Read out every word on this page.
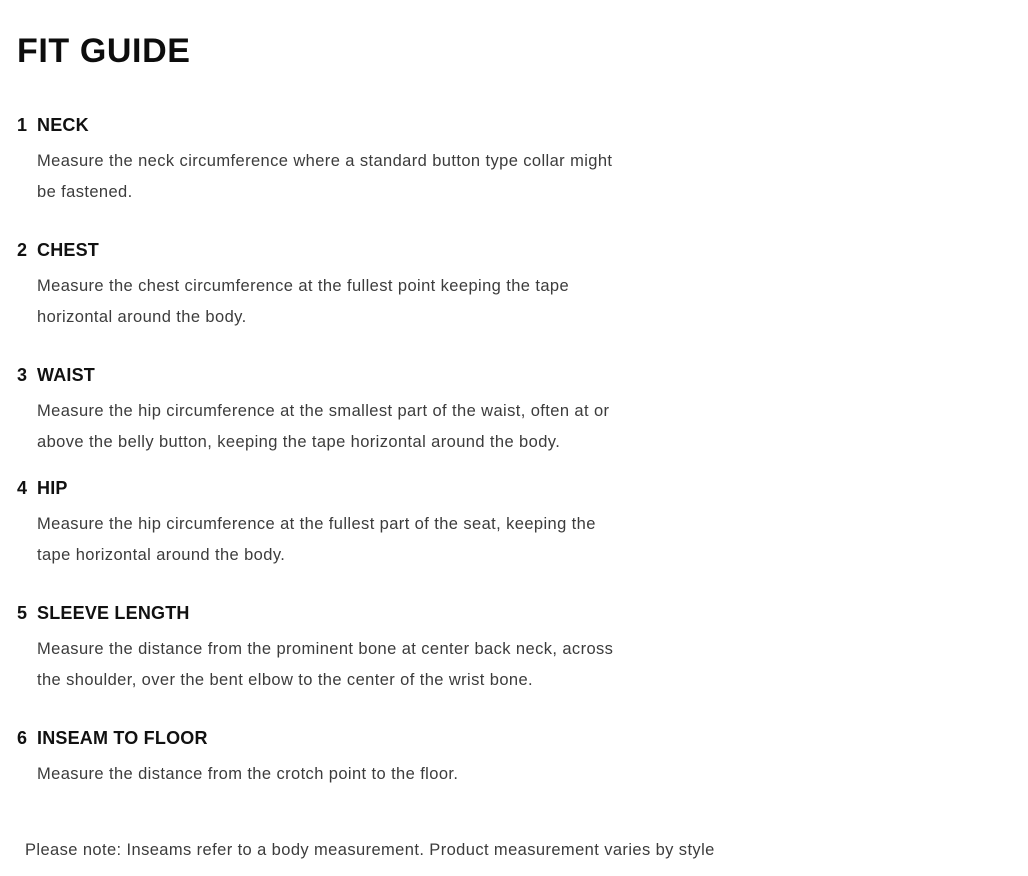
FIT GUIDE
1 NECK

Measure the neck circumference where a standard button type collar might
be fastened.

2 CHEST

Measure the chest circumference at the fullest point keeping the tape
horizontal around the body.

3 WAIST

Measure the hip circumference at the smallest part of the waist, often at or
above the belly button, keeping the tape horizontal around the body.

4 HIP

Measure the hip circumference at the fullest part of the seat, keeping the
tape horizontal around the body.

5 SLEEVE LENGTH

Measure the distance from the prominent bone at center back neck, across
the shoulder, over the bent elbow to the center of the wrist bone.

6 INSEAM TO FLOOR

Measure the distance from the crotch point to the floor.

Please note: Inseams refer to a body measurement. Product measurement varies by style
